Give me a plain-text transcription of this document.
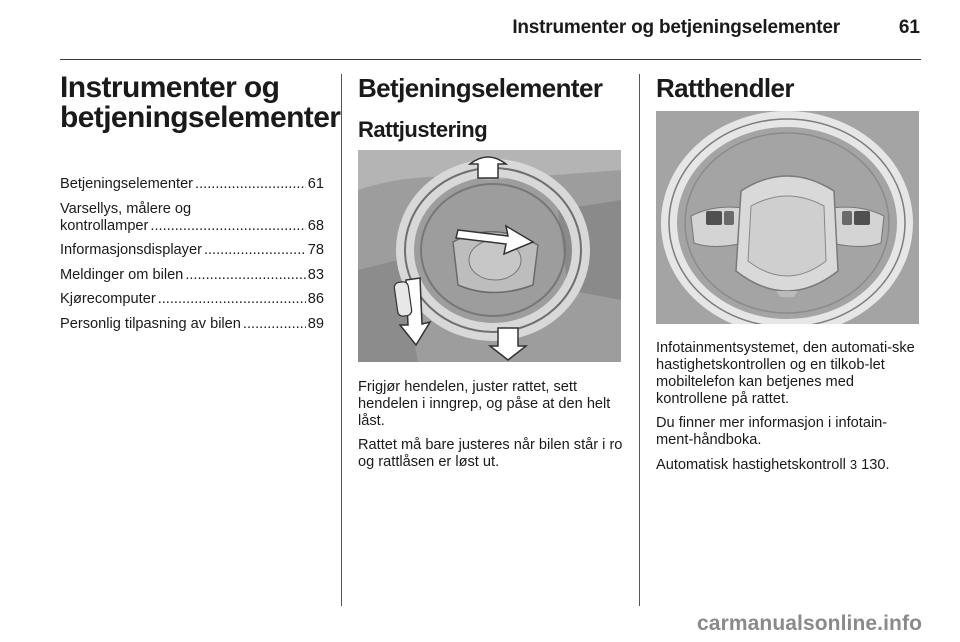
Instrumenter og betjeningselementer	61
Instrumenter og
betjeningselementer
Betjeningselementer .....	61
Varsellys, målere og
kontrollamper .....	68
Informasjonsdisplayer .....	78
Meldinger om bilen .....	83
Kjørecomputer .....	86
Personlig tilpasning av bilen .....	89
Betjeningselementer
Rattjustering

Frigjør hendelen, juster rattet, sett hendelen i inngrep, og påse at den helt låst.

Rattet må bare justeres når bilen står i ro og rattlåsen er løst ut.

Ratthendler

Infotainmentsystemet, den automati-ske hastighetskontrollen og en tilkob-let mobiltelefon kan betjenes med kontrollene på rattet.

Du finner mer informasjon i infotain-ment-håndboka.

Automatisk hastighetskontroll 3 130.

carmanualsonline.info
